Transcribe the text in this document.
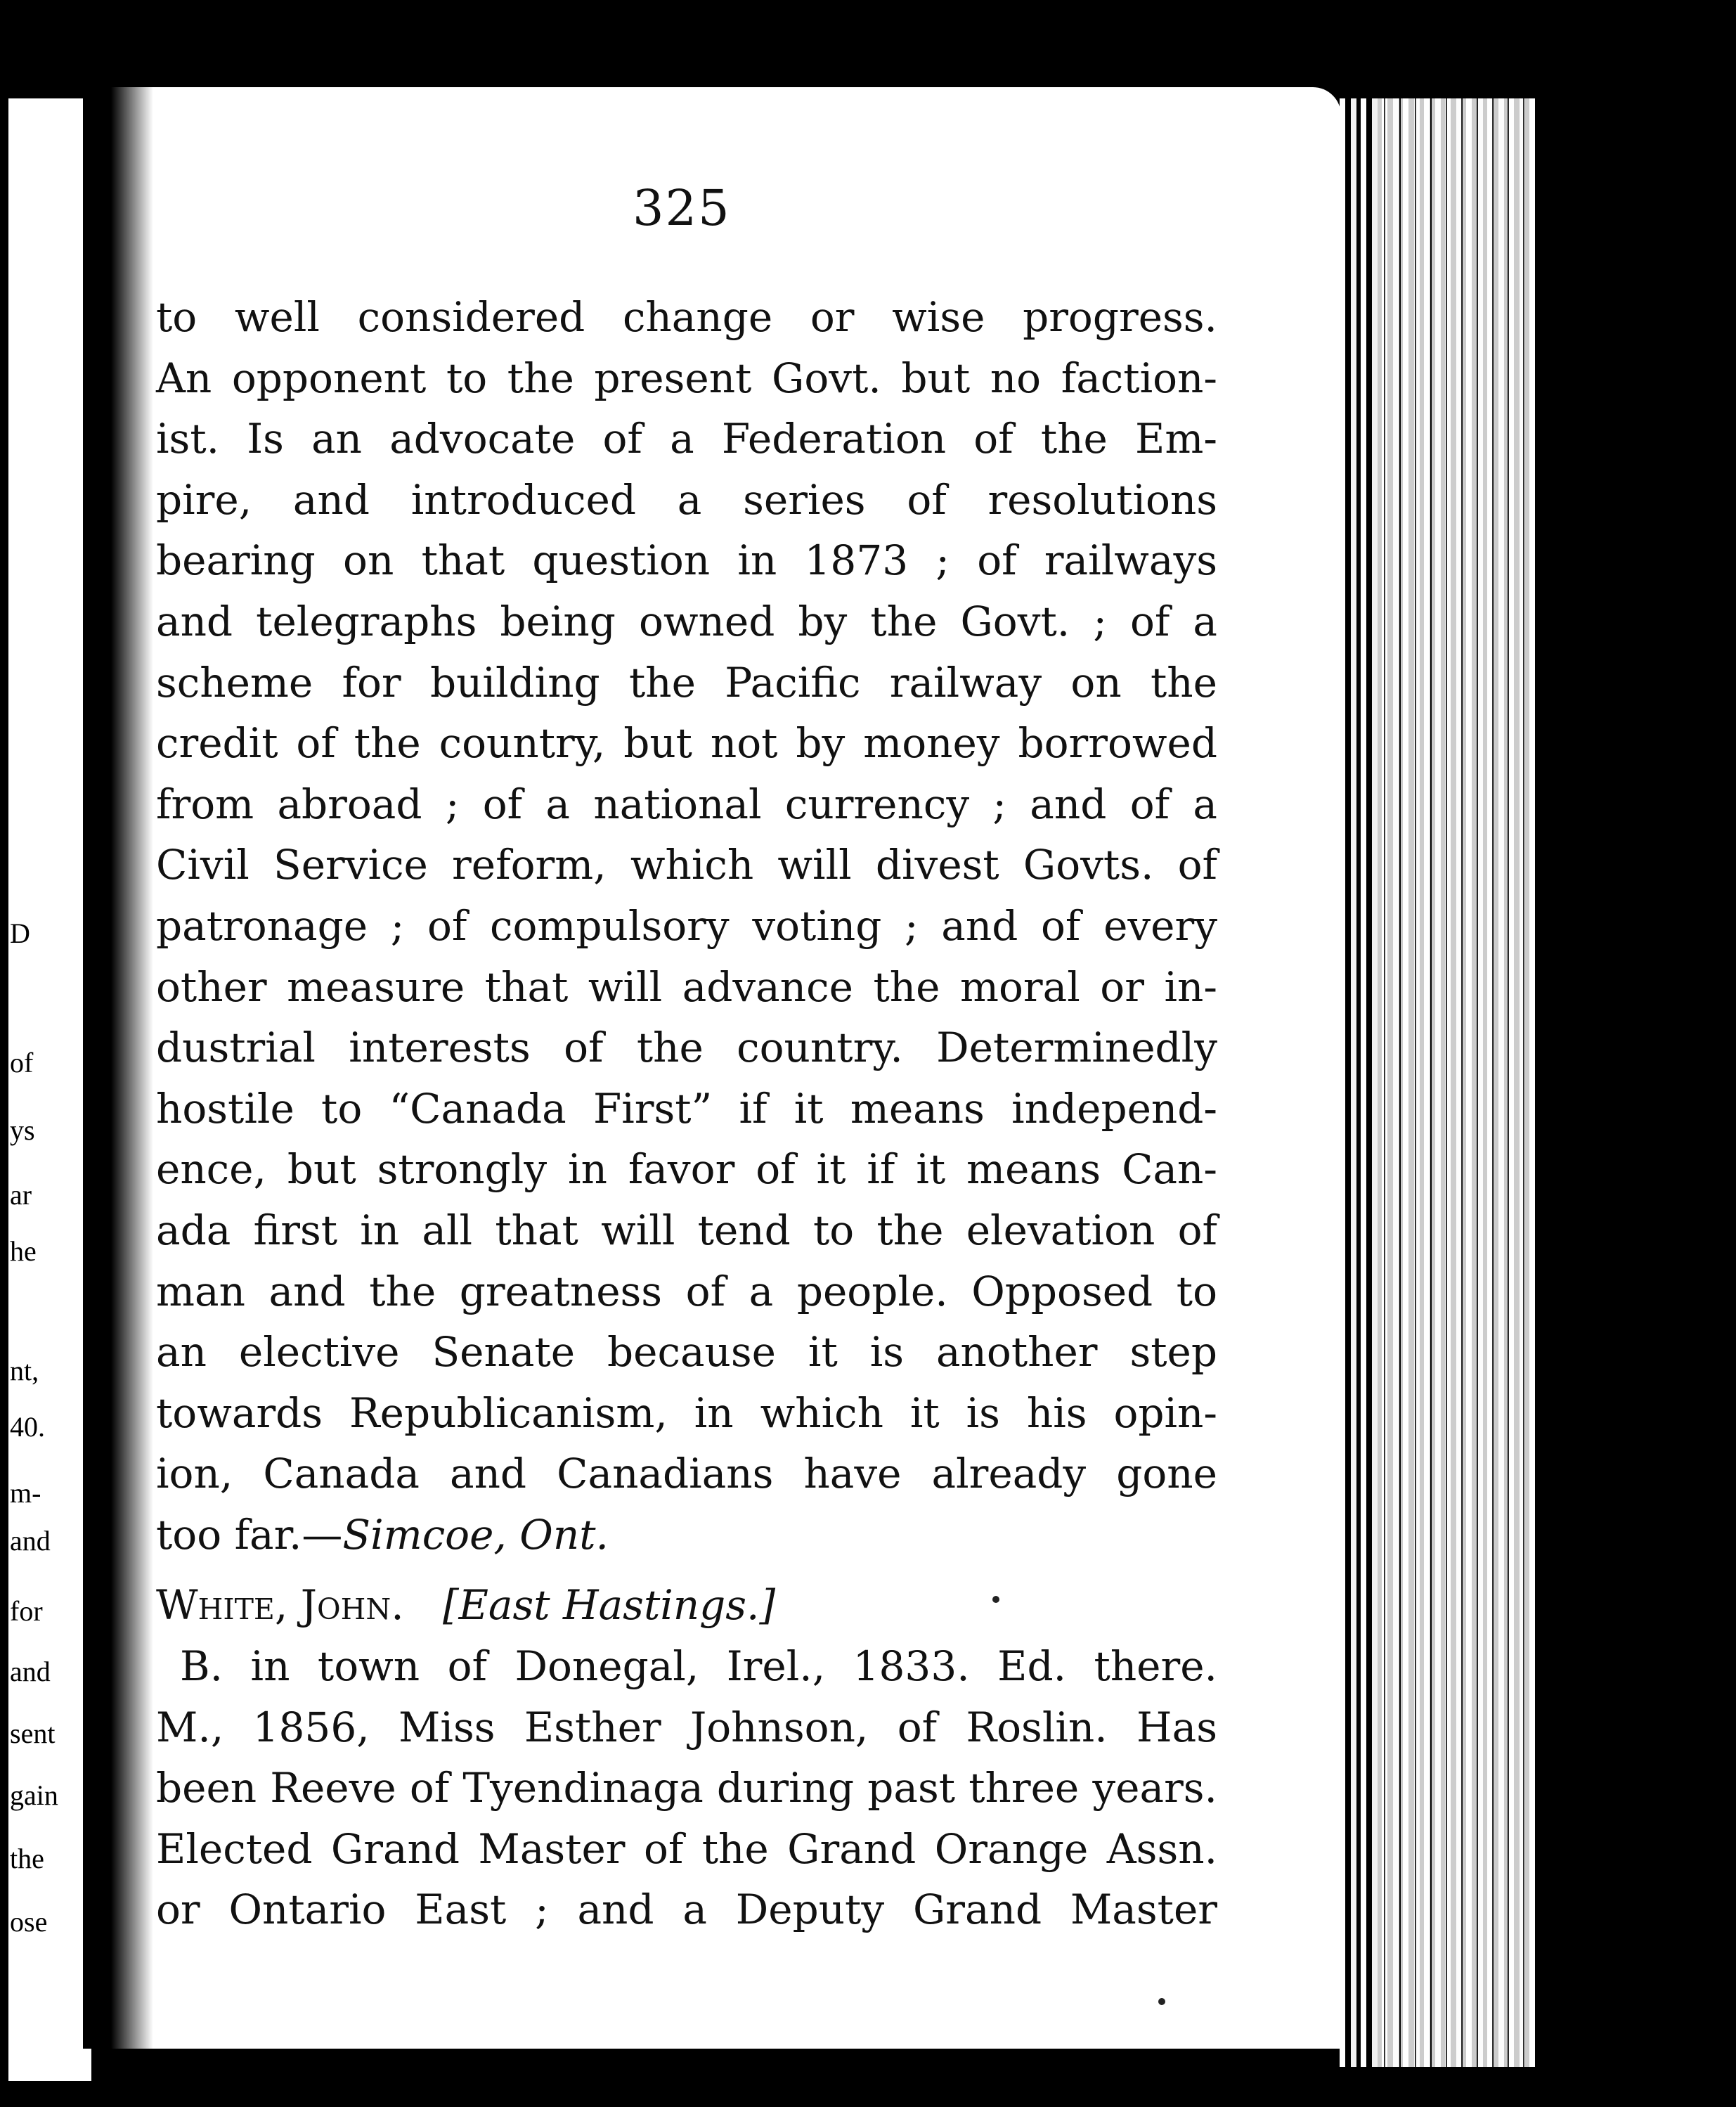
D
of
ys
ar
he
nt,
40.
m-
and
for
and
sent
gain
the
ose
325
to well considered change or wise progress.
An opponent to the present Govt. but no faction-
ist. Is an advocate of a Federation of the Em-
pire, and introduced a series of resolutions
bearing on that question in 1873 ; of railways
and telegraphs being owned by the Govt. ; of a
scheme for building the Pacific railway on the
credit of the country, but not by money borrowed
from abroad ; of a national currency ; and of a
Civil Service reform, which will divest Govts. of
patronage ; of compulsory voting ; and of every
other measure that will advance the moral or in-
dustrial interests of the country. Determinedly
hostile to “Canada First” if it means independ-
ence, but strongly in favor of it if it means Can-
ada first in all that will tend to the elevation of
man and the greatness of a people. Opposed to
an elective Senate because it is another step
towards Republicanism, in which it is his opin-
ion, Canada and Canadians have already gone
too far.—Simcoe, Ont.
White, John. [East Hastings.]
B. in town of Donegal, Irel., 1833. Ed. there.
M., 1856, Miss Esther Johnson, of Roslin. Has
been Reeve of Tyendinaga during past three years.
Elected Grand Master of the Grand Orange Assn.
or Ontario East ; and a Deputy Grand Master
